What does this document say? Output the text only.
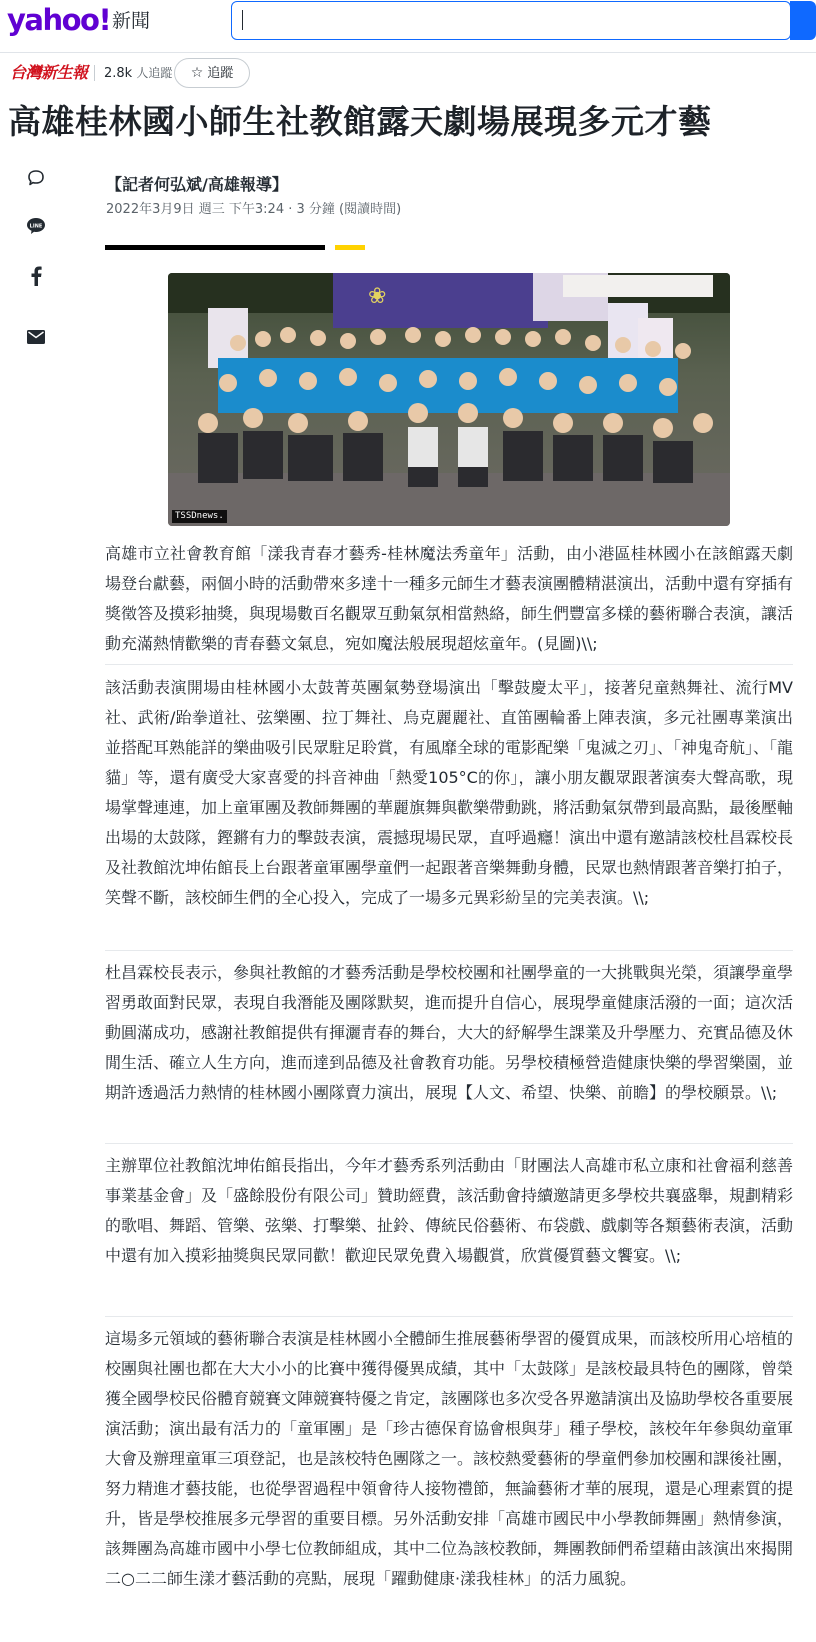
yahoo! 新聞
台灣新生報 2.8k 人追蹤	☆ 追蹤
高雄桂林國小師生社教館露天劇場展現多元才藝
LINE
【記者何弘斌/高雄報導】
2022年3月9日 週三 下午3:24 · 3 分鐘 (閱讀時間)
❀
TSSDnews.

高雄市立社會教育館「漾我青春才藝秀-桂林魔法秀童年」活動，由小港區桂林國小在該館露天劇場登台獻藝，兩個小時的活動帶來多達十一種多元師生才藝表演團體精湛演出，活動中還有穿插有獎徵答及摸彩抽獎，與現場數百名觀眾互動氣氛相當熱絡，師生們豐富多樣的藝術聯合表演，讓活動充滿熱情歡樂的青春藝文氣息，宛如魔法般展現超炫童年。(見圖)\\;

該活動表演開場由桂林國小太鼓菁英團氣勢登場演出「擊鼓慶太平」，接著兒童熱舞社、流行MV社、武術/跆拳道社、弦樂團、拉丁舞社、烏克麗麗社、直笛團輪番上陣表演，多元社團專業演出並搭配耳熟能詳的樂曲吸引民眾駐足聆賞，有風靡全球的電影配樂「鬼滅之刃」、「神鬼奇航」、「龍貓」等，還有廣受大家喜愛的抖音神曲「熱愛105°C的你」，讓小朋友觀眾跟著演奏大聲高歌，現場掌聲連連，加上童軍團及教師舞團的華麗旗舞與歡樂帶動跳，將活動氣氛帶到最高點，最後壓軸出場的太鼓隊，鏗鏘有力的擊鼓表演，震撼現場民眾，直呼過癮！演出中還有邀請該校杜昌霖校長及社教館沈坤佑館長上台跟著童軍團學童們一起跟著音樂舞動身體，民眾也熱情跟著音樂打拍子，笑聲不斷，該校師生們的全心投入，完成了一場多元異彩紛呈的完美表演。\\;

杜昌霖校長表示，參與社教館的才藝秀活動是學校校團和社團學童的一大挑戰與光榮，須讓學童學習勇敢面對民眾，表現自我潛能及團隊默契，進而提升自信心，展現學童健康活潑的一面；這次活動圓滿成功，感謝社教館提供有揮灑青春的舞台，大大的紓解學生課業及升學壓力、充實品德及休閒生活、確立人生方向，進而達到品德及社會教育功能。另學校積極營造健康快樂的學習樂園，並期許透過活力熱情的桂林國小團隊賣力演出，展現【人文、希望、快樂、前瞻】的學校願景。\\;

主辦單位社教館沈坤佑館長指出，今年才藝秀系列活動由「財團法人高雄市私立康和社會福利慈善事業基金會」及「盛餘股份有限公司」贊助經費，該活動會持續邀請更多學校共襄盛舉，規劃精彩的歌唱、舞蹈、管樂、弦樂、打擊樂、扯鈴、傳統民俗藝術、布袋戲、戲劇等各類藝術表演，活動中還有加入摸彩抽獎與民眾同歡！歡迎民眾免費入場觀賞，欣賞優質藝文饗宴。\\;

這場多元領域的藝術聯合表演是桂林國小全體師生推展藝術學習的優質成果，而該校所用心培植的校團與社團也都在大大小小的比賽中獲得優異成績，其中「太鼓隊」是該校最具特色的團隊，曾榮獲全國學校民俗體育競賽文陣競賽特優之肯定，該團隊也多次受各界邀請演出及協助學校各重要展演活動；演出最有活力的「童軍團」是「珍古德保育協會根與芽」種子學校，該校年年參與幼童軍大會及辦理童軍三項登記，也是該校特色團隊之一。該校熱愛藝術的學童們參加校團和課後社團，努力精進才藝技能，也從學習過程中領會待人接物禮節，無論藝術才華的展現，還是心理素質的提升，皆是學校推展多元學習的重要目標。另外活動安排「高雄市國民中小學教師舞團」熱情參演，該舞團為高雄市國中小學七位教師組成，其中二位為該校教師，舞團教師們希望藉由該演出來揭開二○二二師生漾才藝活動的亮點，展現「躍動健康·漾我桂林」的活力風貌。
